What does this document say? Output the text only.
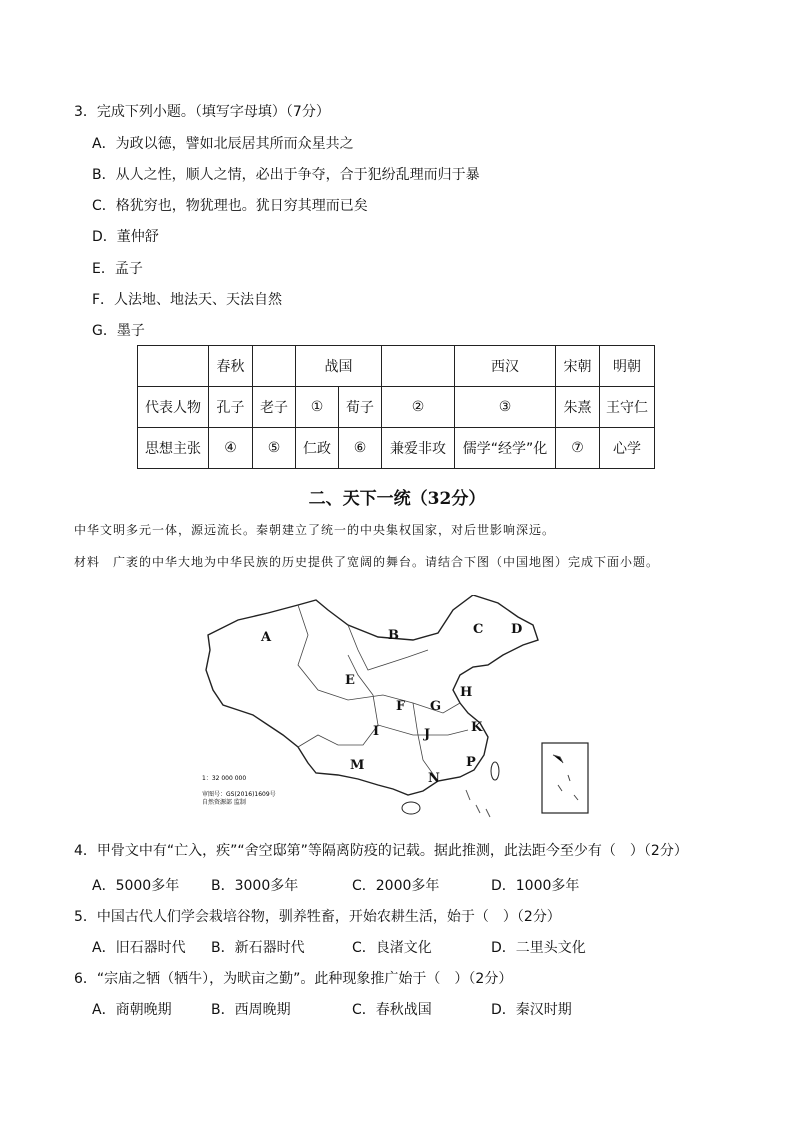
3．完成下列小题。（填写字母填）（7分）
A．为政以德，譬如北辰居其所而众星共之
B．从人之性，顺人之情，必出于争夺，合于犯纷乱理而归于暴
C．格犹穷也，物犹理也。犹日穷其理而已矣
D．董仲舒
E．孟子
F．人法地、地法天、天法自然
G．墨子
	春秋		战国			西汉	宋朝	明朝
代表人物	孔子	老子	①	荀子	②	③	朱熹	王守仁
思想主张	④	⑤	仁政	⑥	兼爱非攻	儒学“经学”化	⑦	心学
二、天下一统（32分）
中华文明多元一体，源远流长。秦朝建立了统一的中央集权国家，对后世影响深远。
材料　广袤的中华大地为中华民族的历史提供了宽阔的舞台。请结合下图（中国地图）完成下面小题。
1：32 000 000
审图号：GS(2016)1609号
自然资源部 监制
A	B	C D
E
F G
H
I	J	K
M
N
P
4．甲骨文中有“亡入，疾”“舍空邸第”等隔离防疫的记载。据此推测，此法距今至少有（　）（2分）
A．5000多年 B．3000多年	C．2000多年	D．1000多年
5．中国古代人们学会栽培谷物，驯养牲畜，开始农耕生活，始于（　）（2分）
A．旧石器时代 B．新石器时代	C．良渚文化	D．二里头文化
6．“宗庙之牺（牺牛），为畎亩之勤”。此种现象推广始于（　）（2分）
A．商朝晚期	B．西周晚期	C．春秋战国	D．秦汉时期
